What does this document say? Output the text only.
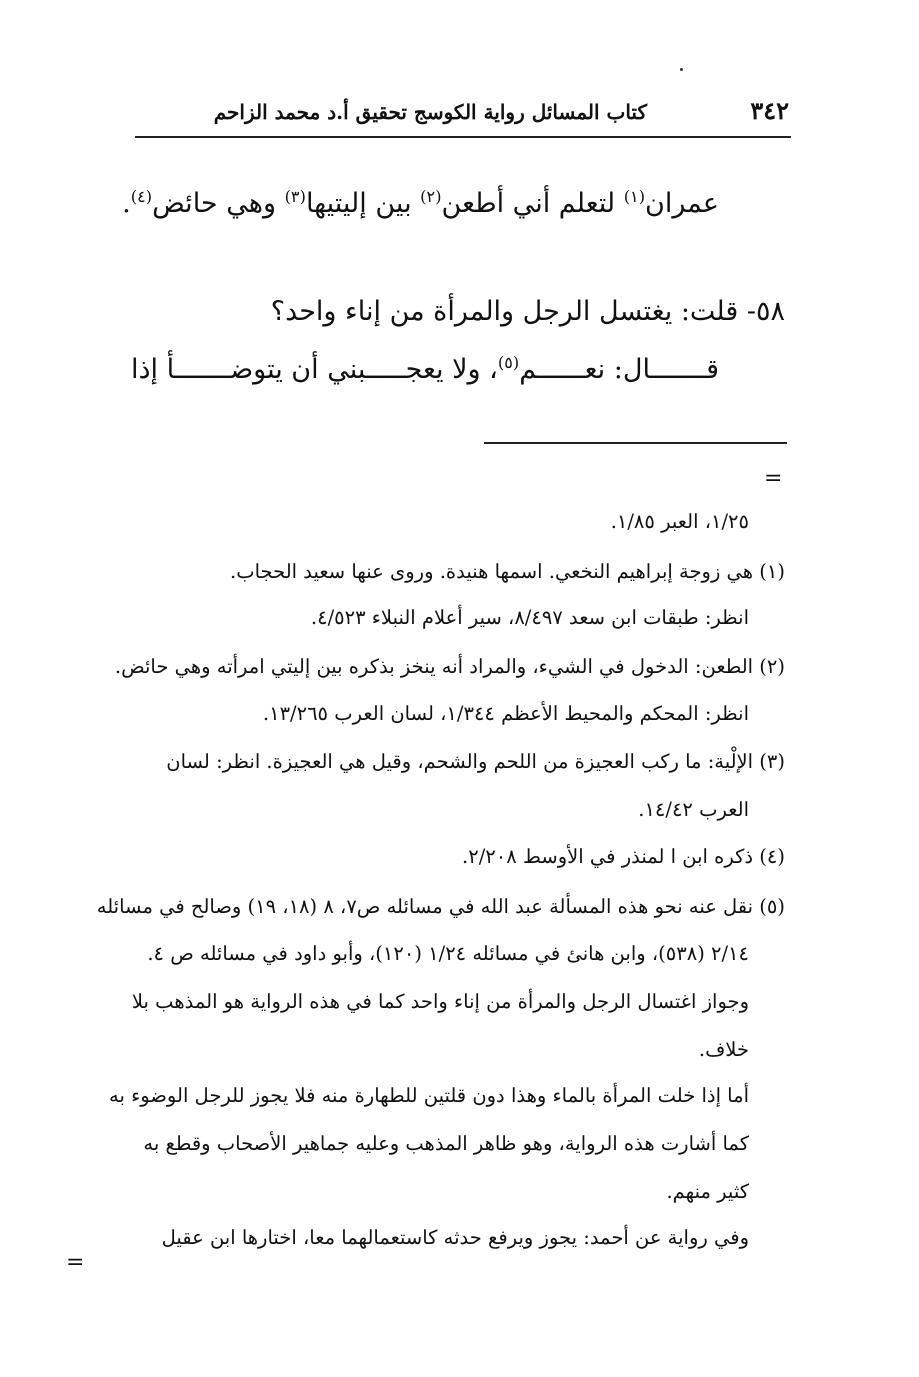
٣٤٢
كتاب المسائل رواية الكوسج تحقيق أ.د محمد الزاحم
عمران$^{(١)}$ لتعلم أني أطعن$^{(٢)}$ بين إليتيها$^{(٣)}$ وهي حائض$^{(٤)}$.
٥٨- قلت: يغتسل الرجل والمرأة من إناء واحد؟
قـــــــال: نعــــــم$^{(٥)}$، ولا يعجـــــبني أن يتوضـــــــأ إذا
=
١/٢٥، العبر ١/٨٥.
(١) هي زوجة إبراهيم النخعي. اسمها هنيدة. وروى عنها سعيد الحجاب.
انظر: طبقات ابن سعد ٨/٤٩٧، سير أعلام النبلاء ٤/٥٢٣.
(٢) الطعن: الدخول في الشيء، والمراد أنه ينخز بذكره بين إليتي امرأته وهي حائض.
انظر: المحكم والمحيط الأعظم ١/٣٤٤، لسان العرب ١٣/٢٦٥.
(٣) الإلْية: ما ركب العجيزة من اللحم والشحم، وقيل هي العجيزة. انظر: لسان
العرب ١٤/٤٢.
(٤) ذكره ابن ا لمنذر في الأوسط ٢/٢٠٨.
(٥) نقل عنه نحو هذه المسألة عبد الله في مسائله ص٧، ٨ (١٨، ١٩) وصالح في مسائله
٢/١٤ (٥٣٨)، وابن هانئ في مسائله ١/٢٤ (١٢٠)، وأبو داود في مسائله ص ٤.
وجواز اغتسال الرجل والمرأة من إناء واحد كما في هذه الرواية هو المذهب بلا
خلاف.
أما إذا خلت المرأة بالماء وهذا دون قلتين للطهارة منه فلا يجوز للرجل الوضوء به
كما أشارت هذه الرواية، وهو ظاهر المذهب وعليه جماهير الأصحاب وقطع به
كثير منهم.
وفي رواية عن أحمد: يجوز ويرفع حدثه كاستعمالهما معا، اختارها ابن عقيل
=
